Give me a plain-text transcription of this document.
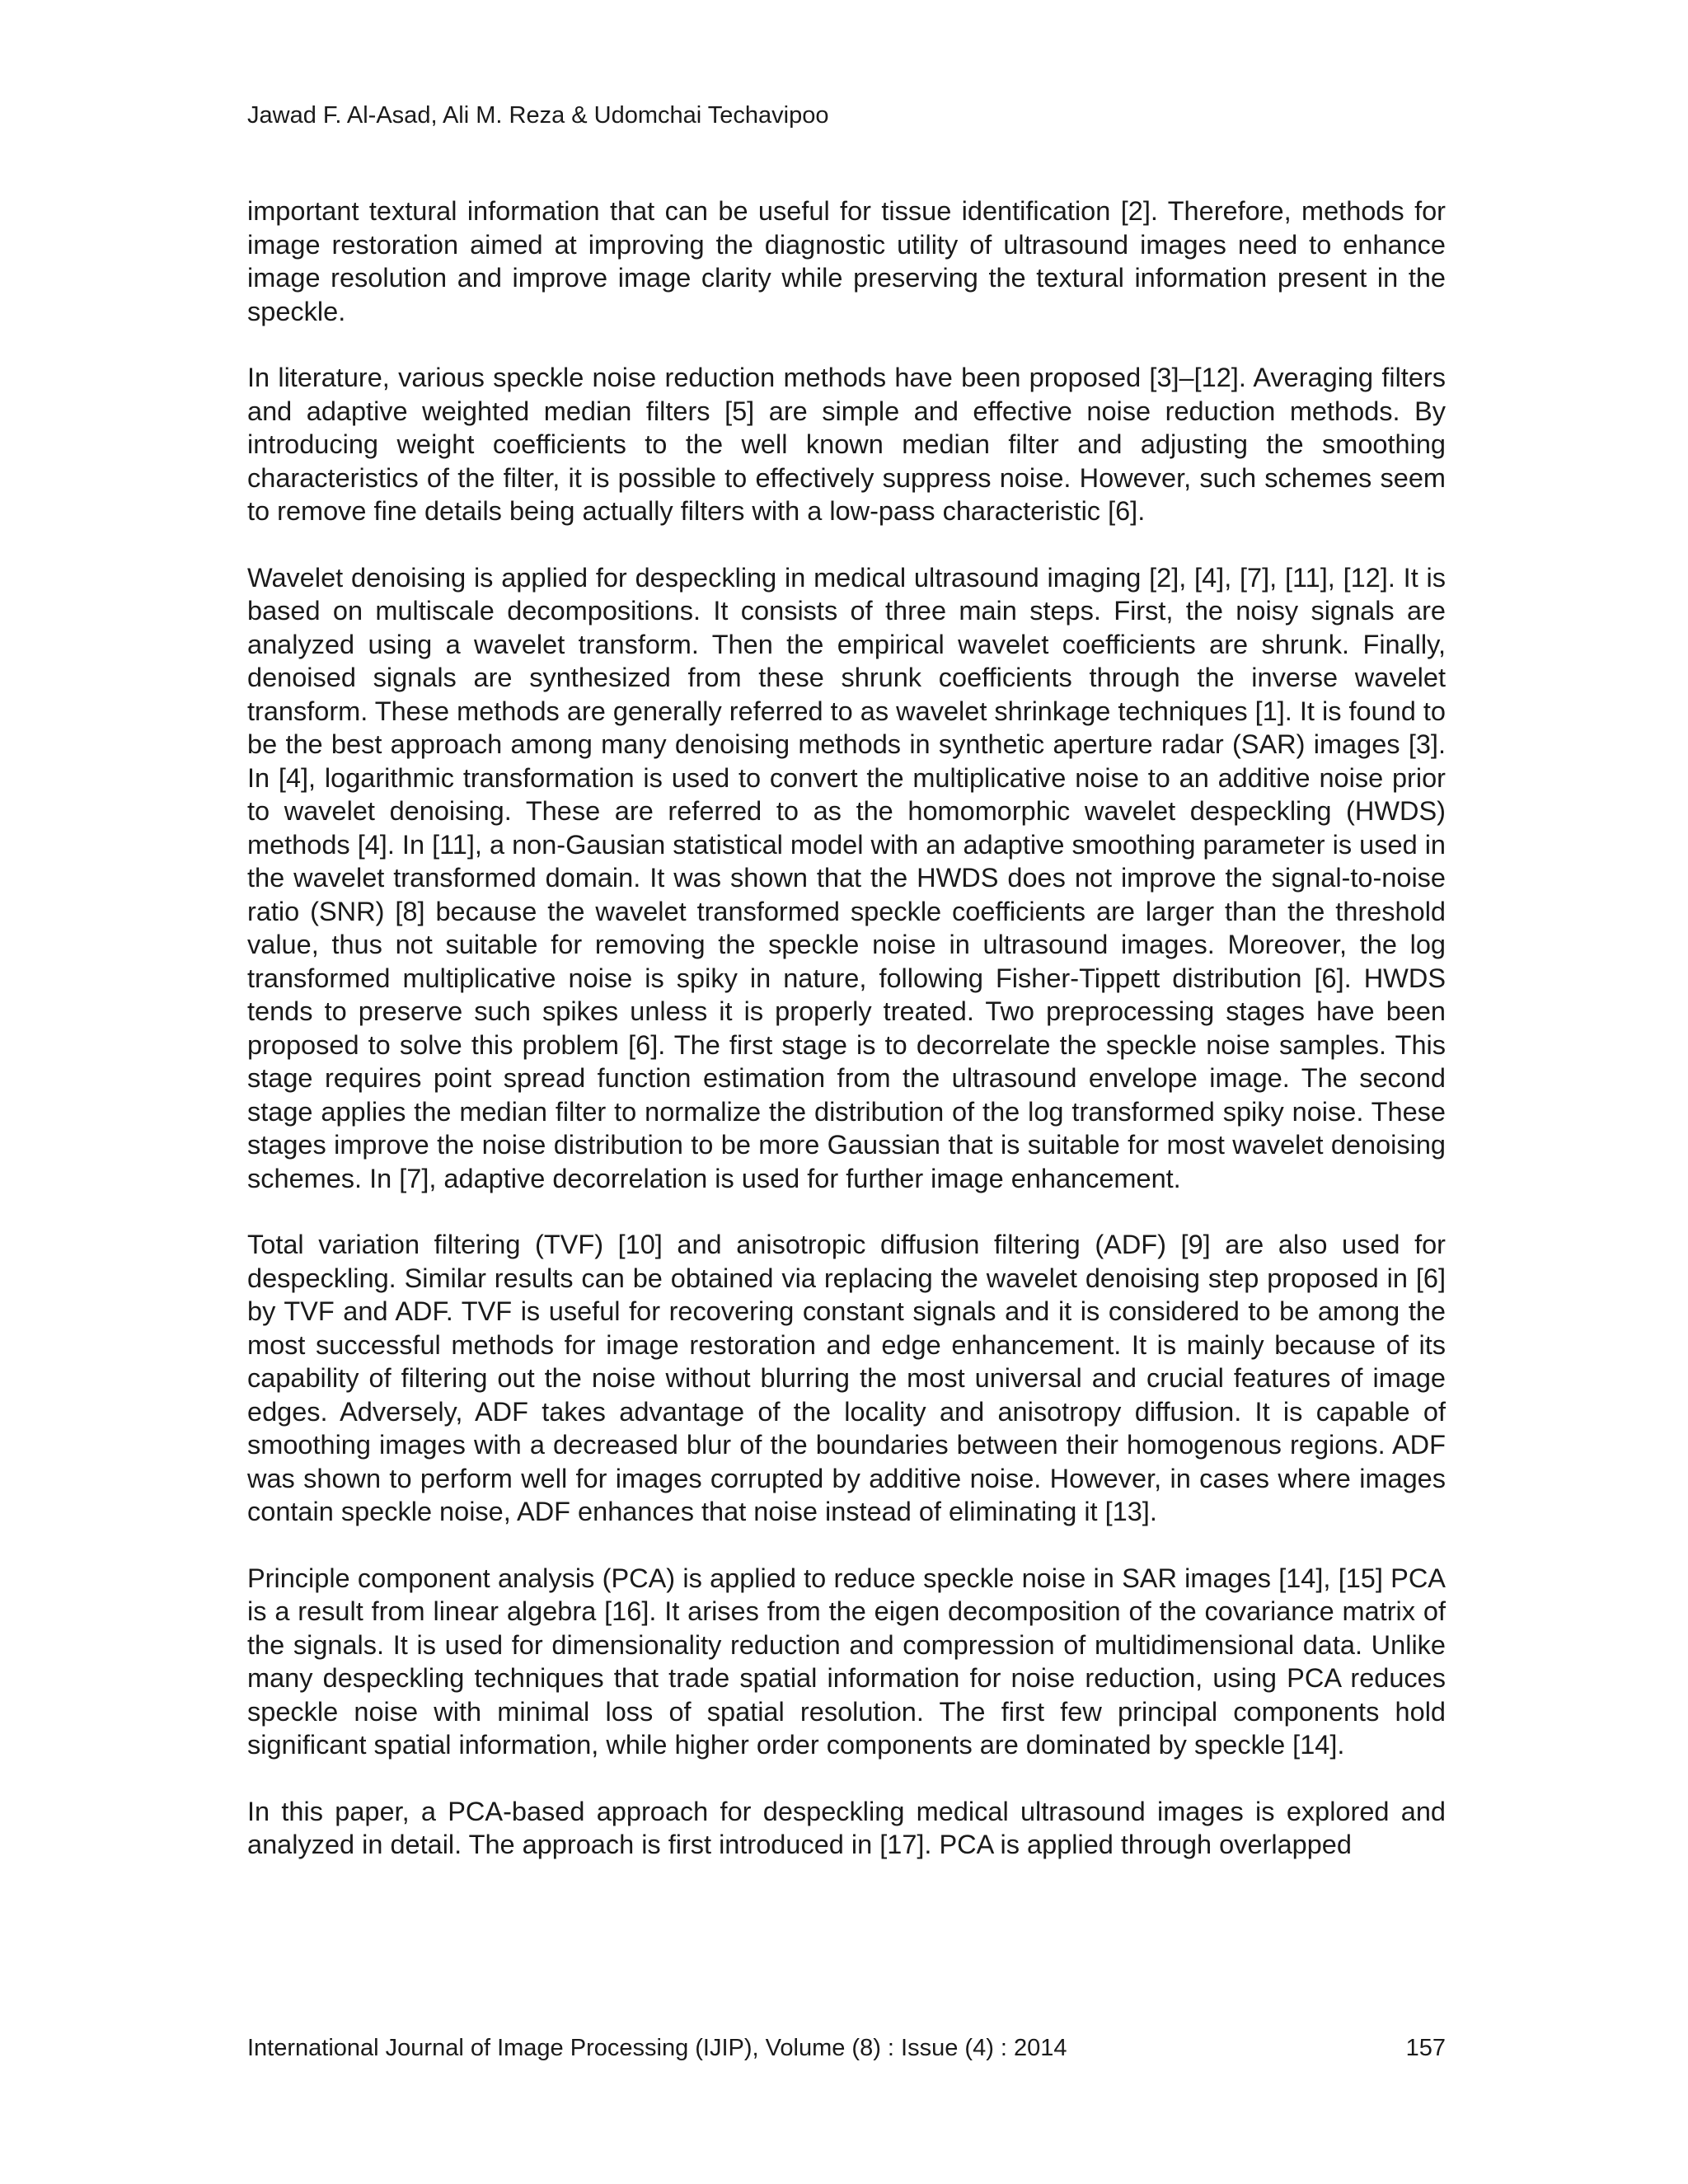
Jawad F. Al-Asad, Ali M. Reza & Udomchai Techavipoo

important textural information that can be useful for tissue identification [2]. Therefore, methods for image restoration aimed at improving the diagnostic utility of ultrasound images need to enhance image resolution and improve image clarity while preserving the textural information present in the speckle.

In literature, various speckle noise reduction methods have been proposed [3]–[12]. Averaging filters and adaptive weighted median filters [5] are simple and effective noise reduction methods. By introducing weight coefficients to the well known median filter and adjusting the smoothing characteristics of the filter, it is possible to effectively suppress noise. However, such schemes seem to remove fine details being actually filters with a low-pass characteristic [6].

Wavelet denoising is applied for despeckling in medical ultrasound imaging [2], [4], [7], [11], [12]. It is based on multiscale decompositions. It consists of three main steps. First, the noisy signals are analyzed using a wavelet transform. Then the empirical wavelet coefficients are shrunk. Finally, denoised signals are synthesized from these shrunk coefficients through the inverse wavelet transform. These methods are generally referred to as wavelet shrinkage techniques [1]. It is found to be the best approach among many denoising methods in synthetic aperture radar (SAR) images [3]. In [4], logarithmic transformation is used to convert the multiplicative noise to an additive noise prior to wavelet denoising. These are referred to as the homomorphic wavelet despeckling (HWDS) methods [4]. In [11], a non-Gausian statistical model with an adaptive smoothing parameter is used in the wavelet transformed domain. It was shown that the HWDS does not improve the signal-to-noise ratio (SNR) [8] because the wavelet transformed speckle coefficients are larger than the threshold value, thus not suitable for removing the speckle noise in ultrasound images. Moreover, the log transformed multiplicative noise is spiky in nature, following Fisher-Tippett distribution [6]. HWDS tends to preserve such spikes unless it is properly treated. Two preprocessing stages have been proposed to solve this problem [6]. The first stage is to decorrelate the speckle noise samples. This stage requires point spread function estimation from the ultrasound envelope image. The second stage applies the median filter to normalize the distribution of the log transformed spiky noise. These stages improve the noise distribution to be more Gaussian that is suitable for most wavelet denoising schemes. In [7], adaptive decorrelation is used for further image enhancement.

Total variation filtering (TVF) [10] and anisotropic diffusion filtering (ADF) [9] are also used for despeckling. Similar results can be obtained via replacing the wavelet denoising step proposed in [6] by TVF and ADF. TVF is useful for recovering constant signals and it is considered to be among the most successful methods for image restoration and edge enhancement. It is mainly because of its capability of filtering out the noise without blurring the most universal and crucial features of image edges. Adversely, ADF takes advantage of the locality and anisotropy diffusion. It is capable of smoothing images with a decreased blur of the boundaries between their homogenous regions. ADF was shown to perform well for images corrupted by additive noise. However, in cases where images contain speckle noise, ADF enhances that noise instead of eliminating it [13].

Principle component analysis (PCA) is applied to reduce speckle noise in SAR images [14], [15] PCA is a result from linear algebra [16]. It arises from the eigen decomposition of the covariance matrix of the signals. It is used for dimensionality reduction and compression of multidimensional data. Unlike many despeckling techniques that trade spatial information for noise reduction, using PCA reduces speckle noise with minimal loss of spatial resolution. The first few principal components hold significant spatial information, while higher order components are dominated by speckle [14].

In this paper, a PCA-based approach for despeckling medical ultrasound images is explored and analyzed in detail. The approach is first introduced in [17]. PCA is applied through overlapped

International Journal of Image Processing (IJIP), Volume (8) : Issue (4) : 2014	157
